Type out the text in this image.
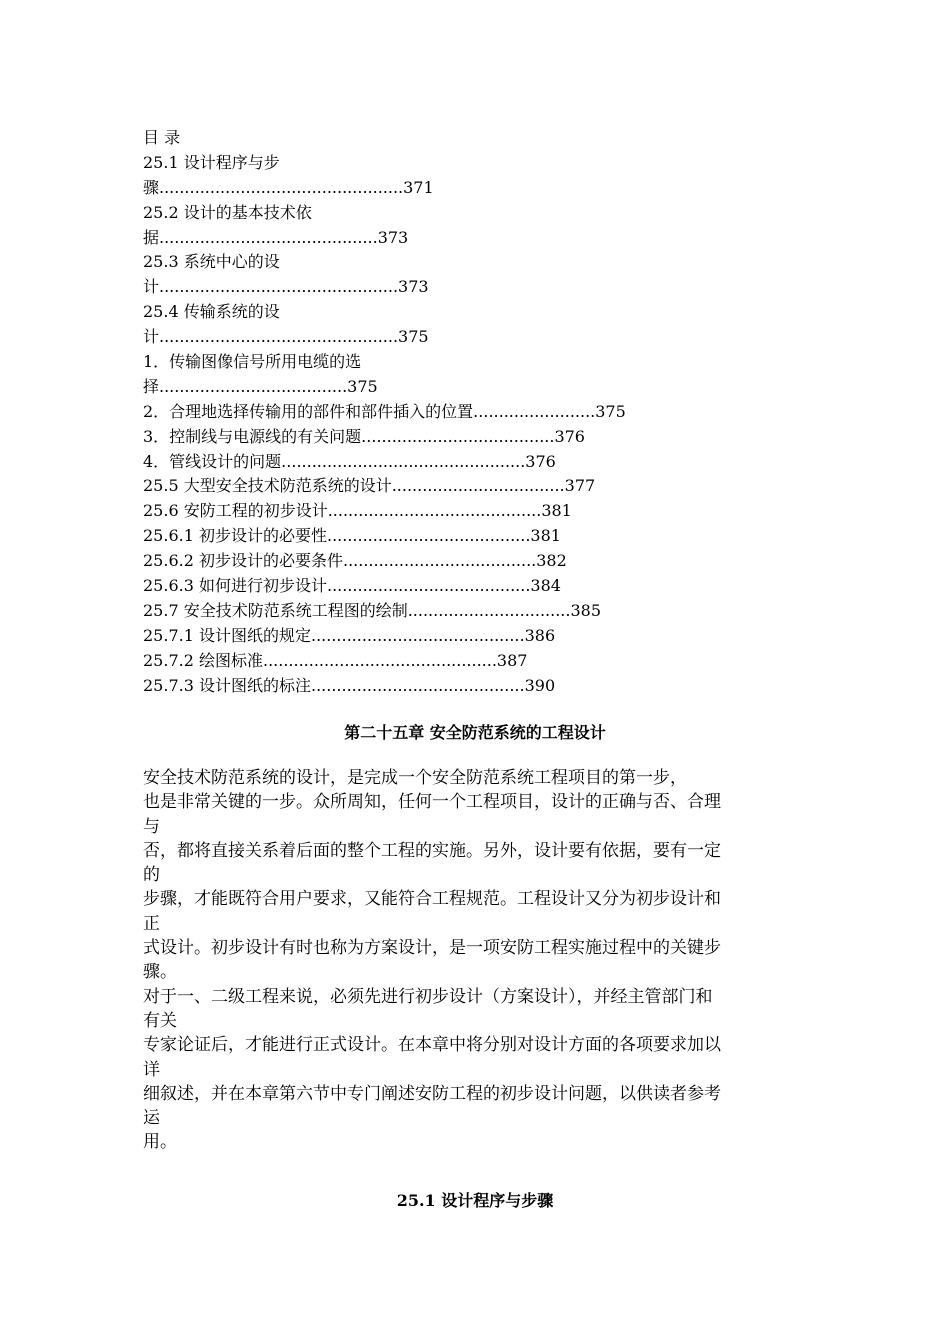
目 录
25.1 设计程序与步
骤................................................371
25.2 设计的基本技术依
据...........................................373
25.3 系统中心的设
计...............................................373
25.4 传输系统的设
计...............................................375
1．传输图像信号所用电缆的选
择.....................................375
2．合理地选择传输用的部件和部件插入的位置........................375
3．控制线与电源线的有关问题......................................376
4．管线设计的问题................................................376
25.5 大型安全技术防范系统的设计..................................377
25.6 安防工程的初步设计..........................................381
25.6.1 初步设计的必要性........................................381
25.6.2 初步设计的必要条件......................................382
25.6.3 如何进行初步设计........................................384
25.7 安全技术防范系统工程图的绘制................................385
25.7.1 设计图纸的规定..........................................386
25.7.2 绘图标准..............................................387
25.7.3 设计图纸的标注..........................................390
第二十五章 安全防范系统的工程设计
安全技术防范系统的设计，是完成一个安全防范系统工程项目的第一步，
也是非常关键的一步。众所周知，任何一个工程项目，设计的正确与否、合理
与
否，都将直接关系着后面的整个工程的实施。另外，设计要有依据，要有一定
的
步骤，才能既符合用户要求，又能符合工程规范。工程设计又分为初步设计和
正
式设计。初步设计有时也称为方案设计，是一项安防工程实施过程中的关键步
骤。
对于一、二级工程来说，必须先进行初步设计（方案设计），并经主管部门和
有关
专家论证后，才能进行正式设计。在本章中将分别对设计方面的各项要求加以
详
细叙述，并在本章第六节中专门阐述安防工程的初步设计问题，以供读者参考
运
用。
25.1 设计程序与步骤
